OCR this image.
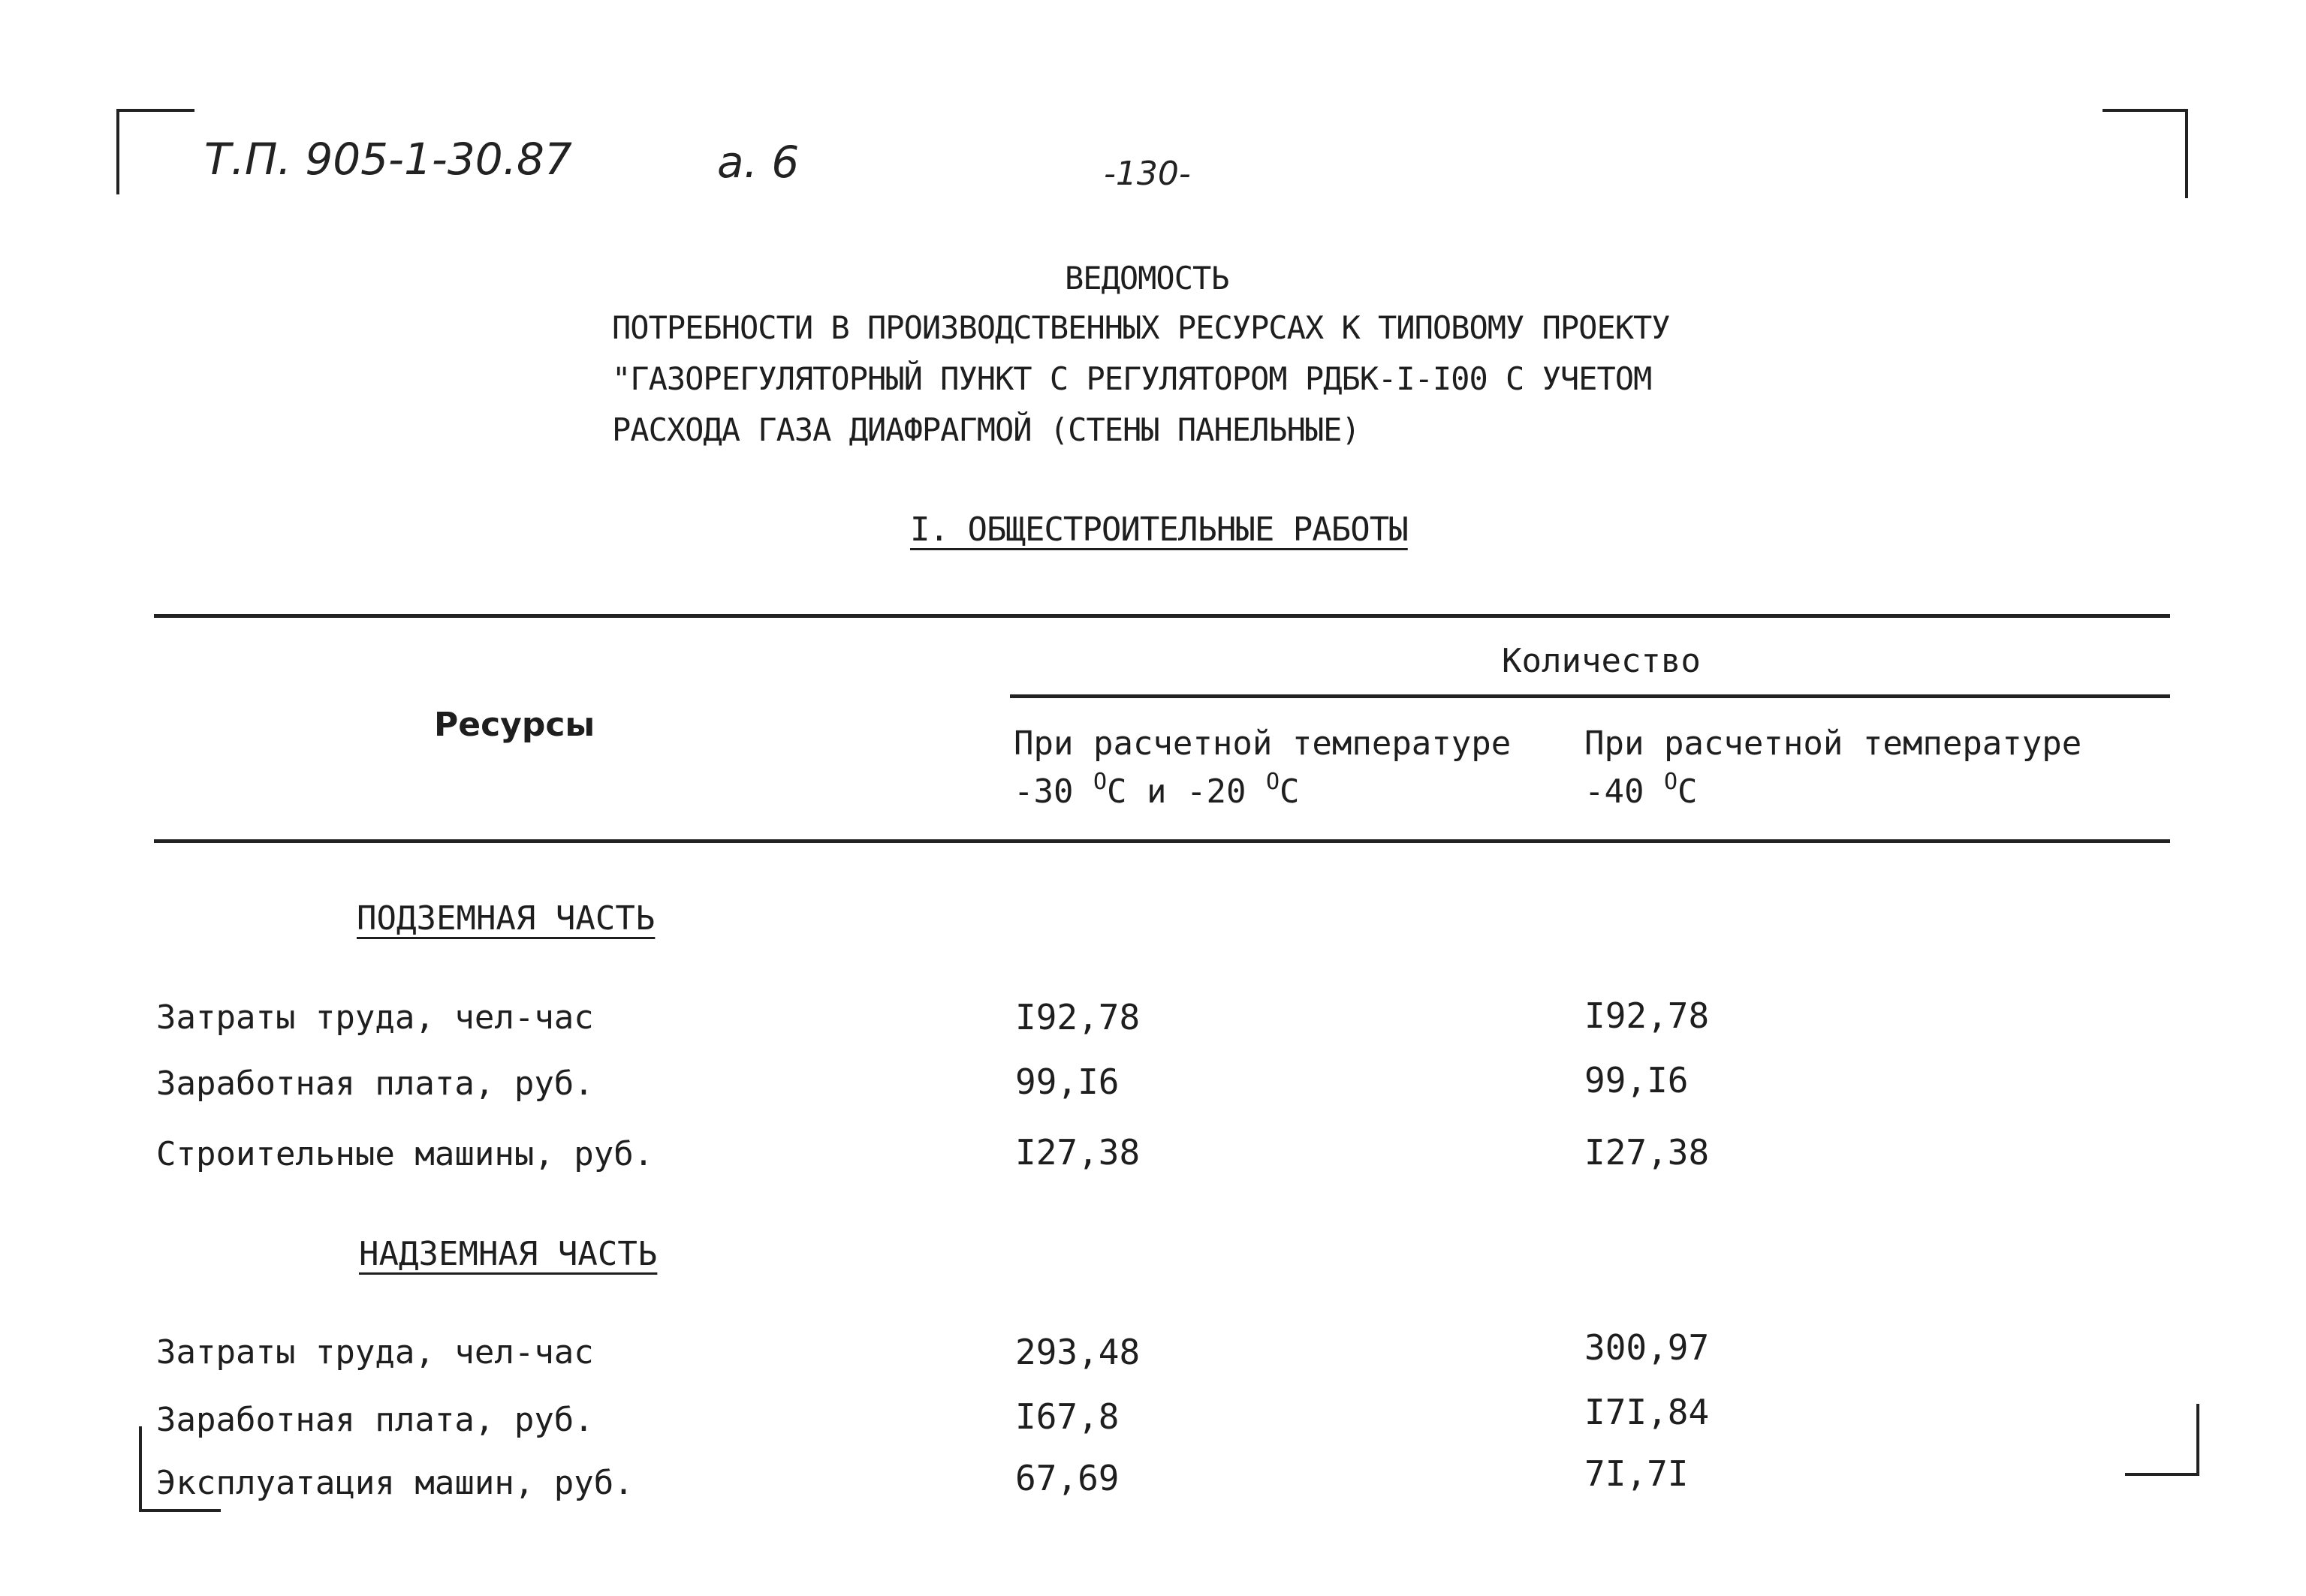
Т.П. 905-1-30.87	а. 6	-130-
ВЕДОМОСТЬ
ПОТРЕБНОСТИ В ПРОИЗВОДСТВЕННЫХ РЕСУРСАХ К ТИПОВОМУ ПРОЕКТУ
"ГАЗОРЕГУЛЯТОРНЫЙ ПУНКТ С РЕГУЛЯТОРОМ РДБК-I-I00 С УЧЕТОМ
РАСХОДА ГАЗА ДИАФРАГМОЙ (СТЕНЫ ПАНЕЛЬНЫЕ)
I. ОБЩЕСТРОИТЕЛЬНЫЕ РАБОТЫ
Ресурсы
Количество
При расчетной температуре
-30 $^О$С и -20 $^О$С
При расчетной температуре
-40 $^О$С
ПОДЗЕМНАЯ ЧАСТЬ
Затраты труда, чел-час	I92,78	I92,78
Заработная плата, руб.	99,I6	99,I6
Строительные машины, руб.	I27,38	I27,38
НАДЗЕМНАЯ ЧАСТЬ
Затраты труда, чел-час	293,48	300,97
Заработная плата, руб.	I67,8	I7I,84
Эксплуатация машин, руб.	67,69	7I,7I
